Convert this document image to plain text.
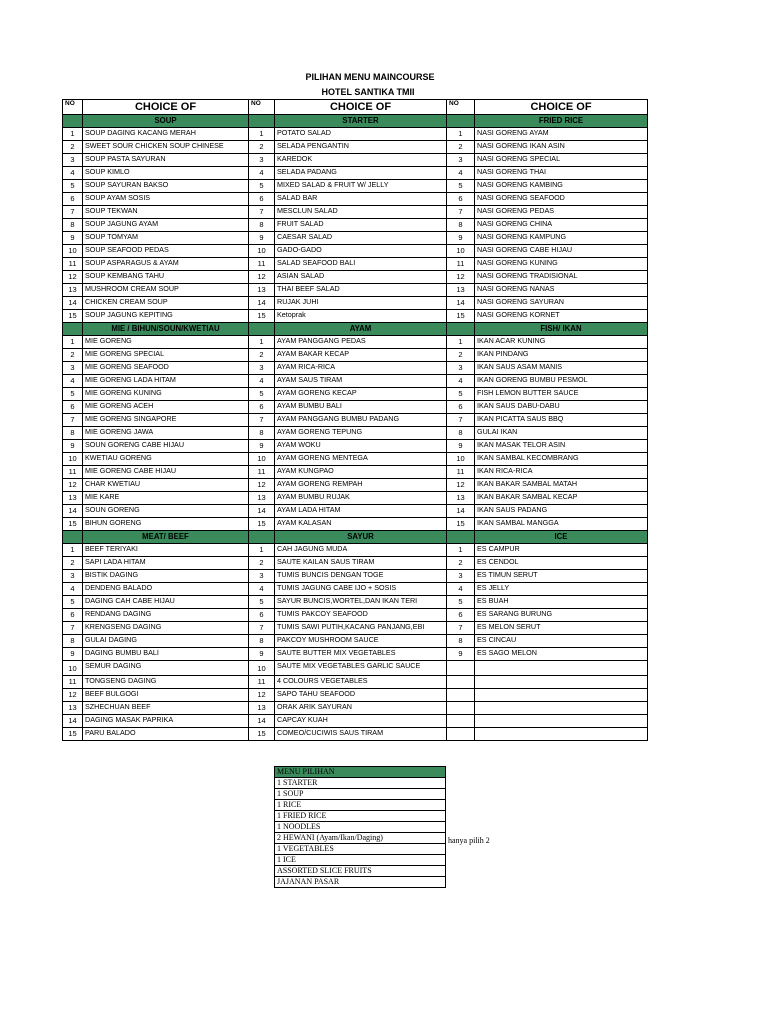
PILIHAN MENU MAINCOURSE
HOTEL SANTIKA TMII
NO	CHOICE OF	NO	CHOICE OF	NO	CHOICE OF
	SOUP		STARTER		FRIED RICE
1	SOUP DAGING KACANG MERAH	1	POTATO SALAD	1	NASI GORENG AYAM
2	SWEET SOUR CHICKEN SOUP CHINESE	2	SELADA PENGANTIN	2	NASI GORENG IKAN ASIN
3	SOUP PASTA SAYURAN	3	KAREDOK	3	NASI GORENG SPECIAL
4	SOUP KIMLO	4	SELADA PADANG	4	NASI GORENG THAI
5	SOUP SAYURAN BAKSO	5	MIXED SALAD & FRUIT W/ JELLY	5	NASI GORENG KAMBING
6	SOUP AYAM SOSIS	6	SALAD BAR	6	NASI GORENG SEAFOOD
7	SOUP TEKWAN	7	MESCLUN SALAD	7	NASI GORENG PEDAS
8	SOUP JAGUNG AYAM	8	FRUIT SALAD	8	NASI GORENG CHINA
9	SOUP TOMYAM	9	CAESAR SALAD	9	NASI GORENG KAMPUNG
10	SOUP SEAFOOD PEDAS	10	GADO-GADO	10	NASI GORENG CABE HIJAU
11	SOUP ASPARAGUS & AYAM	11	SALAD SEAFOOD BALI	11	NASI GORENG KUNING
12	SOUP KEMBANG TAHU	12	ASIAN SALAD	12	NASI GORENG TRADISIONAL
13	MUSHROOM CREAM SOUP	13	THAI BEEF SALAD	13	NASI GORENG NANAS
14	CHICKEN CREAM SOUP	14	RUJAK JUHI	14	NASI GORENG SAYURAN
15	SOUP JAGUNG KEPITING	15	Ketoprak	15	NASI GORENG KORNET
	MIE / BIHUN/SOUN/KWETIAU		AYAM		FISH/ IKAN
1	MIE GORENG	1	AYAM PANGGANG PEDAS	1	IKAN ACAR KUNING
2	MIE GORENG SPECIAL	2	AYAM BAKAR KECAP	2	IKAN PINDANG
3	MIE GORENG SEAFOOD	3	AYAM RICA-RICA	3	IKAN SAUS ASAM MANIS
4	MIE GORENG LADA HITAM	4	AYAM SAUS TIRAM	4	IKAN GORENG BUMBU PESMOL
5	MIE GORENG KUNING	5	AYAM GORENG KECAP	5	FISH LEMON BUTTER SAUCE
6	MIE GORENG ACEH	6	AYAM BUMBU BALI	6	IKAN SAUS DABU-DABU
7	MIE GORENG SINGAPORE	7	AYAM PANGGANG BUMBU PADANG	7	IKAN PICATTA SAUS BBQ
8	MIE GORENG JAWA	8	AYAM GORENG TEPUNG	8	GULAI IKAN
9	SOUN GORENG CABE HIJAU	9	AYAM WOKU	9	IKAN MASAK TELOR ASIN
10	KWETIAU GORENG	10	AYAM GORENG MENTEGA	10	IKAN SAMBAL KECOMBRANG
11	MIE GORENG CABE HIJAU	11	AYAM KUNGPAO	11	IKAN RICA-RICA
12	CHAR KWETIAU	12	AYAM GORENG REMPAH	12	IKAN BAKAR SAMBAL MATAH
13	MIE KARE	13	AYAM BUMBU RUJAK	13	IKAN BAKAR SAMBAL KECAP
14	SOUN GORENG	14	AYAM LADA HITAM	14	IKAN SAUS PADANG
15	BIHUN GORENG	15	AYAM KALASAN	15	IKAN SAMBAL MANGGA
	MEAT/ BEEF		SAYUR		ICE
1	BEEF TERIYAKI	1	CAH JAGUNG MUDA	1	ES CAMPUR
2	SAPI LADA HITAM	2	SAUTE KAILAN SAUS TIRAM	2	ES CENDOL
3	BISTIK DAGING	3	TUMIS BUNCIS DENGAN TOGE	3	ES TIMUN SERUT
4	DENDENG BALADO	4	TUMIS JAGUNG CABE IJO + SOSIS	4	ES JELLY
5	DAGING CAH CABE HIJAU	5	SAYUR BUNCIS,WORTEL,DAN IKAN TERI	5	ES BUAH
6	RENDANG DAGING	6	TUMIS PAKCOY SEAFOOD	6	ES SARANG BURUNG
7	KRENGSENG DAGING	7	TUMIS SAWI PUTIH,KACANG PANJANG,EBI	7	ES MELON SERUT
8	GULAI DAGING	8	PAKCOY MUSHROOM SAUCE	8	ES CINCAU
9	DAGING BUMBU BALI	9	SAUTE BUTTER MIX VEGETABLES	9	ES SAGO MELON
10	SEMUR DAGING	10	SAUTE MIX VEGETABLES GARLIC SAUCE		
11	TONGSENG DAGING	11	4 COLOURS VEGETABLES		
12	BEEF BULGOGI	12	SAPO TAHU SEAFOOD		
13	SZHECHUAN BEEF	13	ORAK ARIK SAYURAN		
14	DAGING MASAK PAPRIKA	14	CAPCAY KUAH		
15	PARU BALADO	15	COMEO/CUCIWIS SAUS TIRAM		
MENU PILIHAN
1 STARTER
1 SOUP
1 RICE
1 FRIED RICE
1 NOODLES
2 HEWANI (Ayam/Ikan/Daging)
1 VEGETABLES
1 ICE
ASSORTED SLICE FRUITS
JAJANAN PASAR
hanya pilih 2
